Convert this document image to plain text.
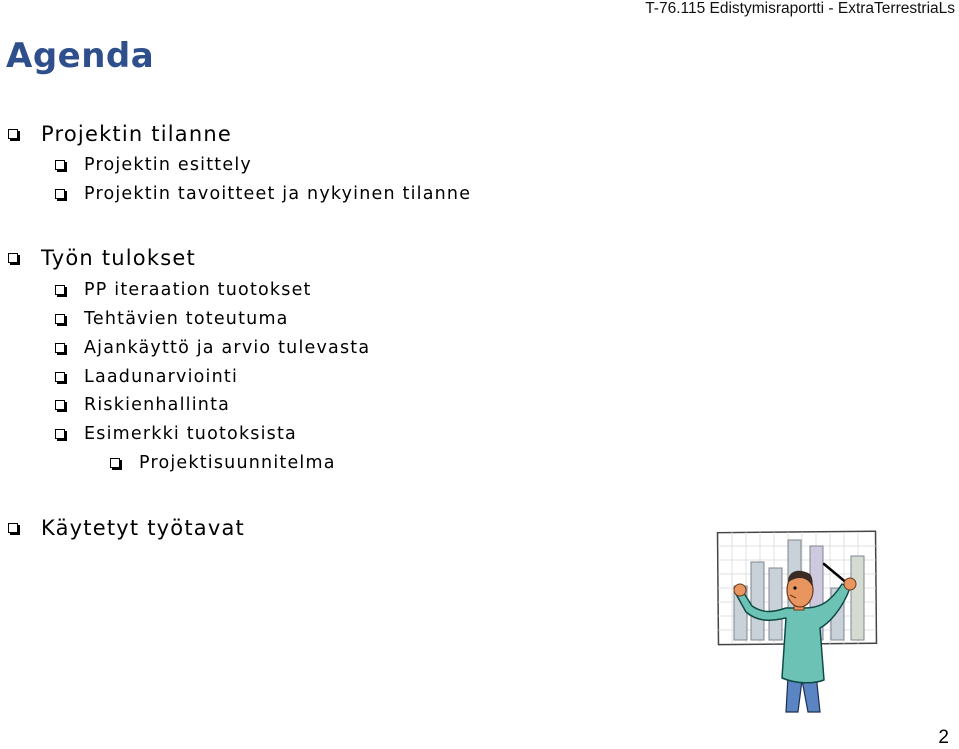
T-76.115 Edistymisraportti - ExtraTerrestriaLs
Agenda
Projektin tilanne
Projektin esittely
Projektin tavoitteet ja nykyinen tilanne
Työn tulokset
PP iteraation tuotokset
Tehtävien toteutuma
Ajankäyttö ja arvio tulevasta
Laadunarviointi
Riskienhallinta
Esimerkki tuotoksista
Projektisuunnitelma
Käytetyt työtavat
2
